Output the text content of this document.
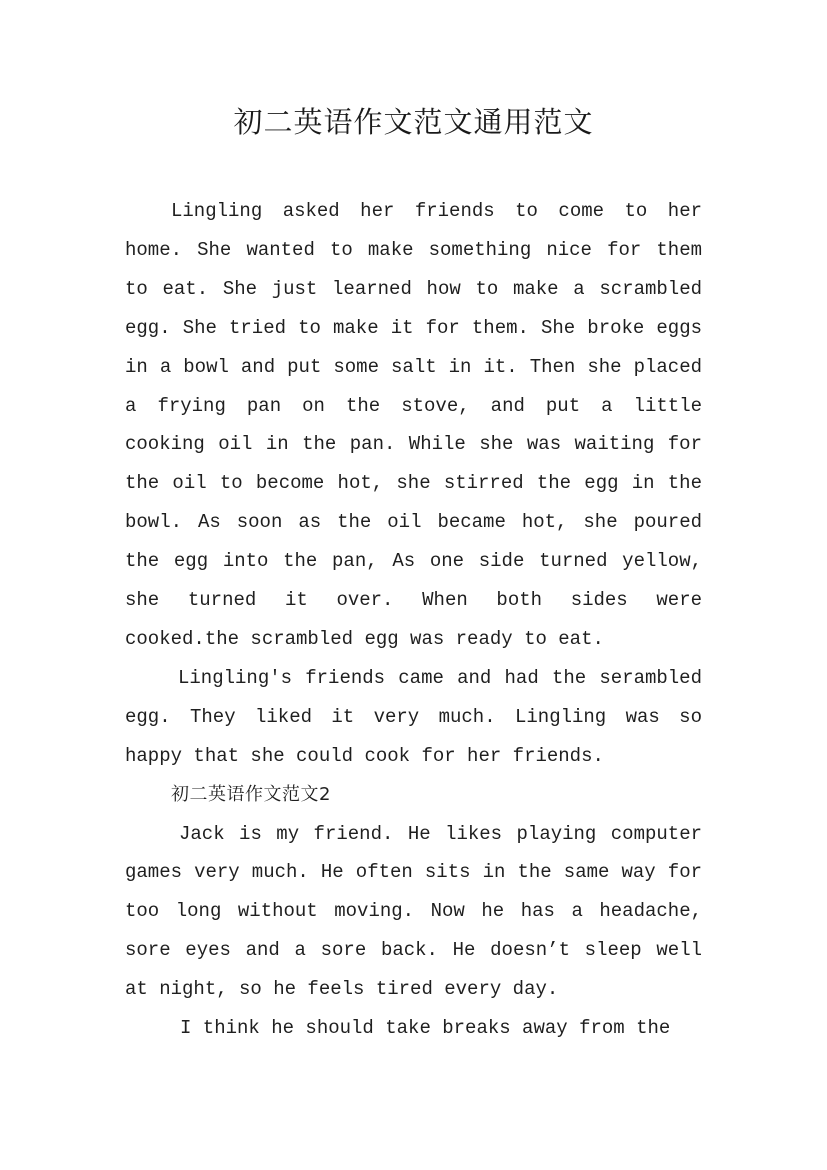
初二英语作文范文通用范文

Lingling asked her friends to come to her home. She wanted to make something nice for them to eat. She just learned how to make a scrambled egg. She tried to make it for them. She broke eggs in a bowl and put some salt in it. Then she placed a frying pan on the stove, and put a little cooking oil in the pan. While she was waiting for the oil to become hot, she stirred the egg in the bowl. As soon as the oil became hot, she poured the egg into the pan, As one side turned yellow, she turned it over. When both sides were cooked.the scrambled egg was ready to eat.

Lingling's friends came and had the serambled egg. They liked it very much. Lingling was so happy that she could cook for her friends.

初二英语作文范文2

Jack is my friend. He likes playing computer games very much. He often sits in the same way for too long without moving. Now he has a headache, sore eyes and a sore back. He doesn’t sleep well at night, so he feels tired every day.

I think he should take breaks away from the
